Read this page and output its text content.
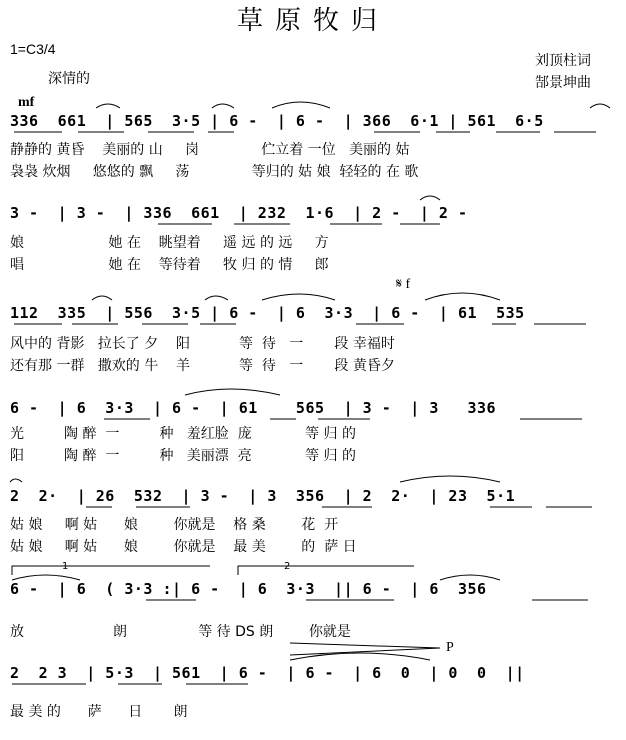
草原牧归
1=C3/4
深情的
刘顶柱词
郜景坤曲
mf
𝄋 f
P
336  661  | 565  3·5 | 6 -  | 6 -  | 366  6·1 | 561  6·5
静静的 黄昏    美丽的 山     岗              伫立着 一位   美丽的 姑
袅袅 炊烟     悠悠的 飘     荡              等归的 姑 娘  轻轻的 在 歌
3 -  | 3 -  | 336  661  | 232  1·6  | 2 -  | 2 -
娘                   她 在    眺望着     遥 远 的 远     方
唱                   她 在    等待着     牧 归 的 情     郎
112  335  | 556  3·5 | 6 -  | 6  3·3  | 6 -  | 61  535
风中的 背影   拉长了 夕    阳           等  待   一       段 幸福时
还有那 一群   撒欢的 牛    羊           等  待   一       段 黄昏夕
6 -  | 6  3·3  | 6 -  | 61    565  | 3 -  | 3   336
光         陶 醉  一         种   羞红脸  庞            等 归 的
阳         陶 醉  一         种   美丽漂  亮            等 归 的
2  2·  | 26  532  | 3 -  | 3  356  | 2  2·  | 23  5·1
姑 娘     啊 姑      娘        你就是    格 桑        花  开
姑 娘     啊 姑      娘        你就是    最 美        的  萨 日
6 -  | 6  ( 3·3 :| 6 -  | 6  3·3  || 6 -  | 6  356
放                    朗                等 待 DS 朗        你就是
1	2
2  2 3  | 5·3  | 561  | 6 -  | 6 -  | 6  0  | 0  0  ||
最 美 的      萨      日       朗
